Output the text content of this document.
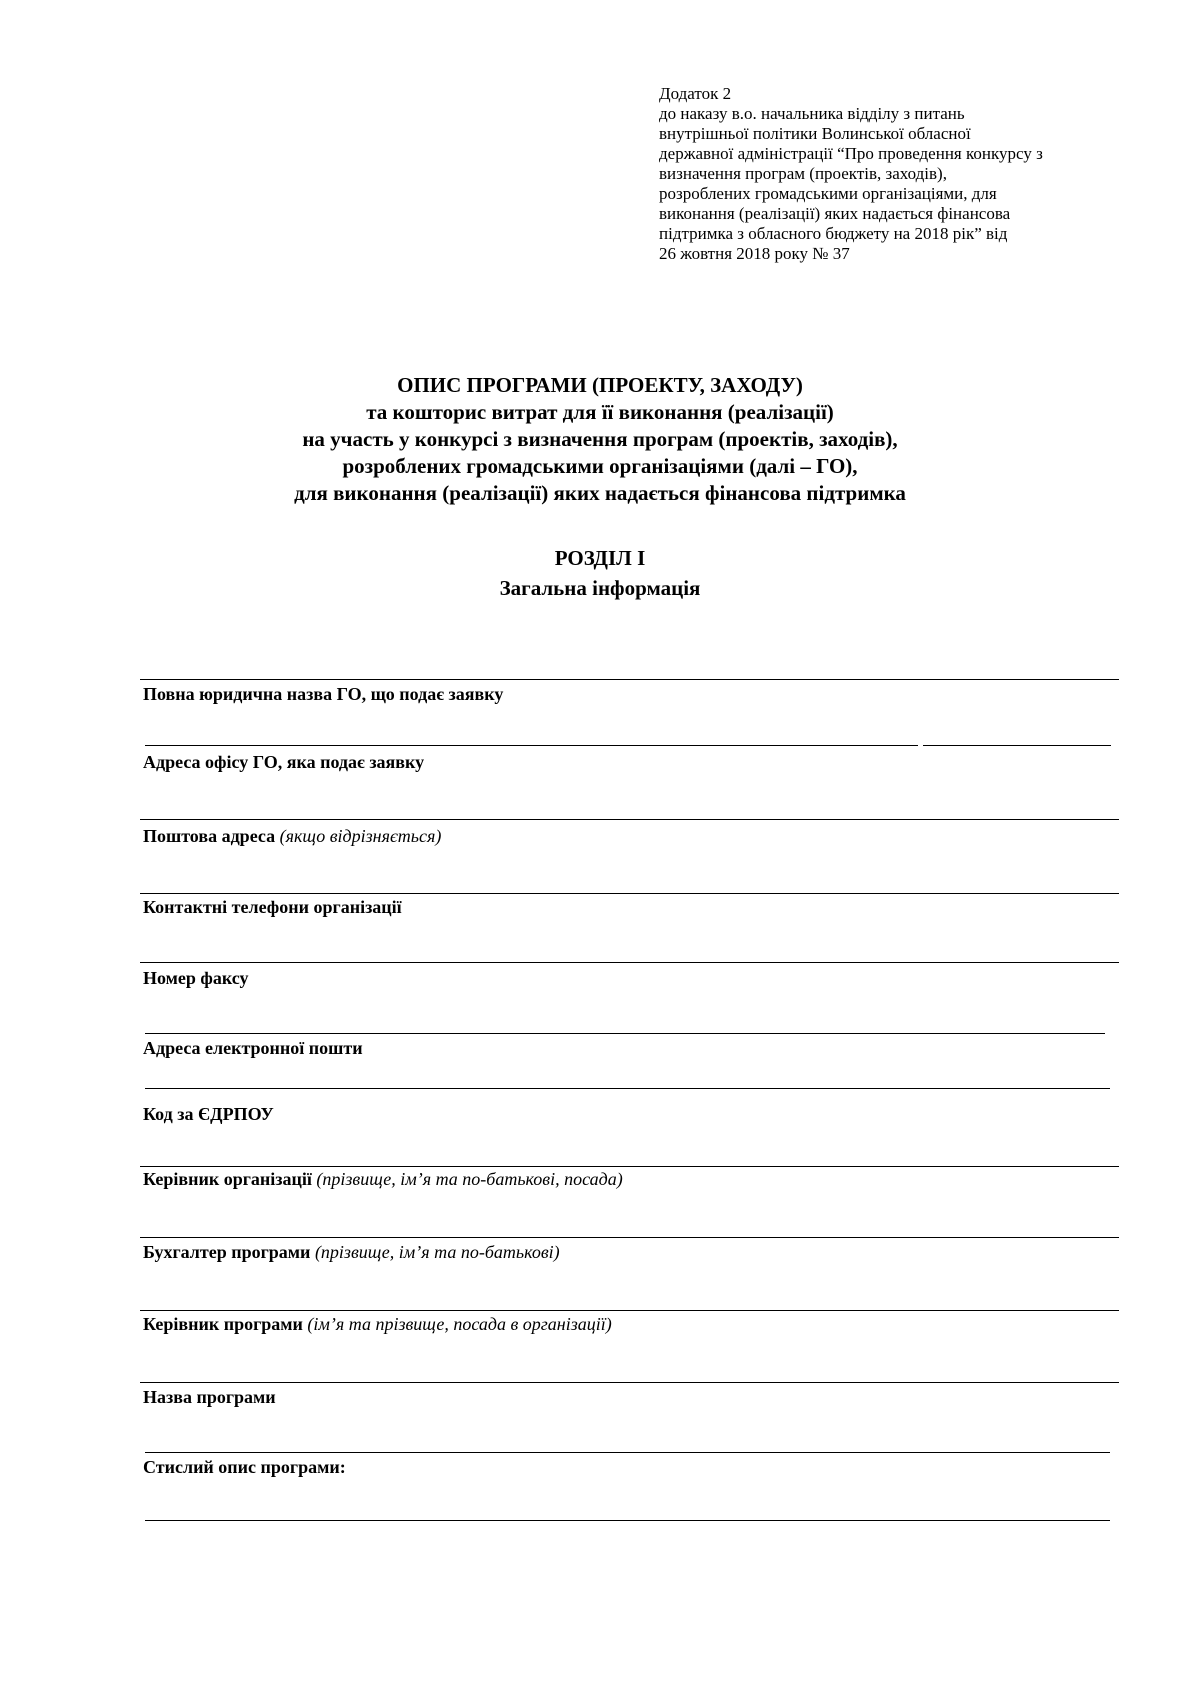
Додаток 2
до наказу в.о. начальника відділу з питань
внутрішньої політики Волинської обласної
державної адміністрації “Про проведення конкурсу з
визначення програм (проектів, заходів),
розроблених громадськими організаціями, для
виконання (реалізації) яких надається фінансова
підтримка з обласного бюджету на 2018 рік” від
26 жовтня 2018 року № 37
ОПИС ПРОГРАМИ (ПРОЕКТУ, ЗАХОДУ)
та кошторис витрат для її виконання (реалізації)
на участь у конкурсі з визначення програм (проектів, заходів),
розроблених громадськими організаціями (далі – ГО),
для виконання (реалізації) яких надається фінансова підтримка
РОЗДІЛ І
Загальна інформація
Повна юридична назва ГО, що подає заявку
Адреса офісу ГО, яка подає заявку
Поштова адреса (якщо відрізняється)
Контактні телефони організації
Номер факсу
Адреса електронної пошти
Код за ЄДРПОУ
Керівник організації (прізвище, ім’я та по-батькові, посада)
Бухгалтер програми (прізвище, ім’я та по-батькові)
Керівник програми (ім’я та прізвище, посада в організації)
Назва програми
Стислий опис програми:
